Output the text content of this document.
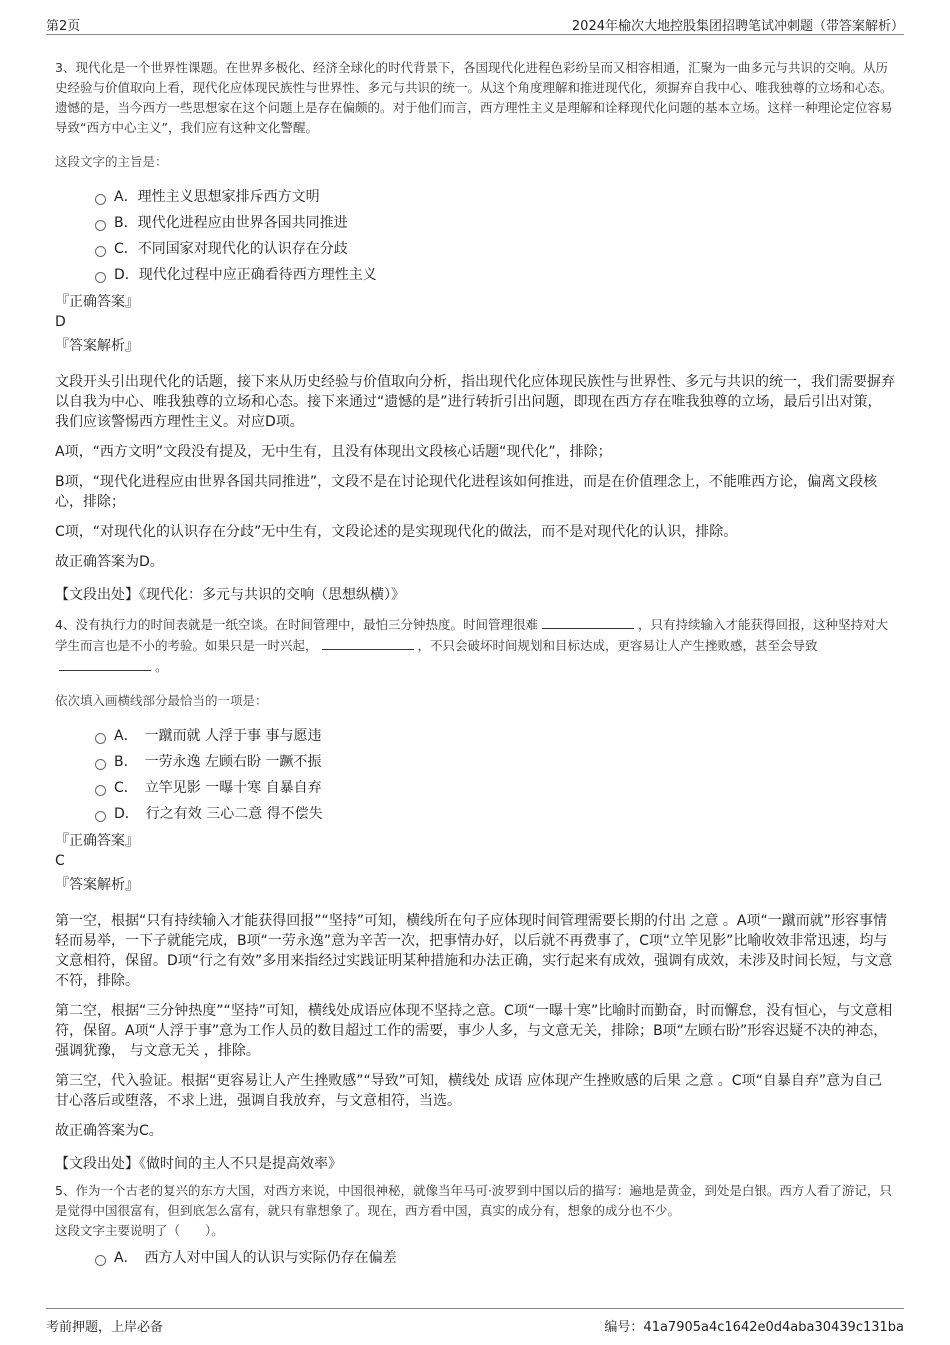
第2页	2024年榆次大地控股集团招聘笔试冲刺题（带答案解析）

3、现代化是一个世界性课题。在世界多极化、经济全球化的时代背景下，各国现代化进程色彩纷呈而又相容相通，汇聚为一曲多元与共识的交响。从历史经验与价值取向上看，现代化应体现民族性与世界性、多元与共识的统一。从这个角度理解和推进现代化，须摒弃自我中心、唯我独尊的立场和心态。遗憾的是，当今西方一些思想家在这个问题上是存在偏颇的。对于他们而言，西方理性主义是理解和诠释现代化问题的基本立场。这样一种理论定位容易导致“西方中心主义”，我们应有这种文化警醒。

这段文字的主旨是：

A．理性主义思想家排斥西方文明
B．现代化进程应由世界各国共同推进
C．不同国家对现代化的认识存在分歧
D．现代化过程中应正确看待西方理性主义
『正确答案』
D
『答案解析』

文段开头引出现代化的话题，接下来从历史经验与价值取向分析，指出现代化应体现民族性与世界性、多元与共识的统一，我们需要摒弃以自我为中心、唯我独尊的立场和心态。接下来通过“遗憾的是”进行转折引出问题，即现在西方存在唯我独尊的立场，最后引出对策，我们应该警惕西方理性主义。对应D项。

A项，“西方文明”文段没有提及，无中生有，且没有体现出文段核心话题“现代化”，排除；

B项，“现代化进程应由世界各国共同推进”，文段不是在讨论现代化进程该如何推进，而是在价值理念上，不能唯西方论，偏离文段核心，排除；

C项，“对现代化的认识存在分歧”无中生有，文段论述的是实现现代化的做法，而不是对现代化的认识，排除。

故正确答案为D。

【文段出处】《现代化：多元与共识的交响（思想纵横）》

4、没有执行力的时间表就是一纸空谈。在时间管理中，最怕三分钟热度。时间管理很难	，只有持续输入才能获得回报，这种坚持对大学生而言也是不小的考验。如果只是一时兴起，	，不只会破坏时间规划和目标达成，更容易让人产生挫败感，甚至会导致。

依次填入画横线部分最恰当的一项是：

A．　一蹴而就 人浮于事 事与愿违
B．　一劳永逸 左顾右盼 一蹶不振
C．　立竿见影 一曝十寒 自暴自弃
D．　行之有效 三心二意 得不偿失
『正确答案』
C
『答案解析』

第一空，根据“只有持续输入才能获得回报”“坚持”可知，横线所在句子应体现时间管理需要长期的付出 之意 。A项“一蹴而就”形容事情轻而易举，一下子就能完成，B项“一劳永逸”意为辛苦一次，把事情办好，以后就不再费事了，C项“立竿见影”比喻收效非常迅速，均与文意相符，保留。D项“行之有效”多用来指经过实践证明某种措施和办法正确，实行起来有成效，强调有成效，未涉及时间长短，与文意不符，排除。

第二空，根据“三分钟热度”“坚持”可知，横线处成语应体现不坚持之意。C项“一曝十寒”比喻时而勤奋，时而懈怠，没有恒心，与文意相符，保留。A项“人浮于事”意为工作人员的数目超过工作的需要，事少人多，与文意无关，排除；B项“左顾右盼”形容迟疑不决的神态，强调犹豫， 与文意无关 ，排除。

第三空，代入验证。根据“更容易让人产生挫败感”“导致”可知，横线处 成语 应体现产生挫败感的后果 之意 。C项“自暴自弃”意为自己甘心落后或堕落，不求上进，强调自我放弃，与文意相符，当选。

故正确答案为C。

【文段出处】《做时间的主人不只是提高效率》

5、作为一个古老的复兴的东方大国，对西方来说，中国很神秘，就像当年马可·波罗到中国以后的描写：遍地是黄金，到处是白银。西方人看了游记，只是觉得中国很富有，但到底怎么富有，就只有靠想象了。现在，西方看中国，真实的成分有，想象的成分也不少。

这段文字主要说明了（　　）。

A．　西方人对中国人的认识与实际仍存在偏差
考前押题，上岸必备	编号：41a7905a4c1642e0d4aba30439c131ba
